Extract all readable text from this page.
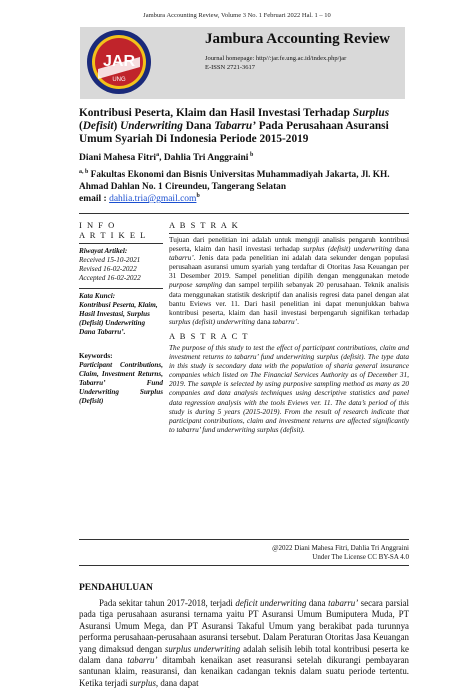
Jambura Accounting Review, Volume 3 No. 1 Februari 2022 Hal. 1 – 10
JAR
UNG
Jambura Accounting Review
Journal homepage: http//:jar.fe.ung.ac.id/index.php/jar
E-ISSN 2721-3617
Kontribusi Peserta, Klaim dan Hasil Investasi Terhadap Surplus (Defisit) Underwriting Dana Tabarru’ Pada Perusahaan Asuransi Umum Syariah Di Indonesia Periode 2015-2019
Diani Mahesa Fitri$^a$, Dahlia Tri Anggraini $^b$
$^{a, b}$ Fakultas Ekonomi dan Bisnis Universitas Muhammadiyah Jakarta, Jl. KH. Ahmad Dahlan No. 1 Cireundeu, Tangerang Selatan
email : dahlia.tria@gmail.com$^b$
I N F O
A R T I K E L
Riwayat Artikel:
Received 15-10-2021
Revised 16-02-2022
Accepted 16-02-2022
Kata Kunci:
Kontribusi Peserta, Klaim, Hasil Investasi, Surplus (Defisit) Underwriting Dana Tabarru’.
Keywords:
Participant Contributions, Claim, Investment Returns, Tabarru’ Fund Underwriting Surplus (Defisit)
A B S T R A K
Tujuan dari penelitian ini adalah untuk menguji analisis pengaruh kontribusi peserta, klaim dan hasil investasi terhadap surplus (defisit) underwriting dana tabarru’. Jenis data pada penelitian ini adalah data sekunder dengan populasi perusahaan asuransi umum syariah yang terdaftar di Otoritas Jasa Keuangan per 31 Desember 2019. Sampel penelitian dipilih dengan menggunakan metode purpose sampling dan sampel terpilih sebanyak 20 perusahaan. Teknik analisis data menggunakan statistik deskriptif dan analisis regresi data panel dengan alat bantu Eviews ver. 11. Dari hasil penelitian ini dapat menunjukkan bahwa kontribusi peserta, klaim dan hasil investasi berpengaruh signifikan terhadap surplus (defisit) underwriting dana tabarru’.
A B S T R A C T
The purpose of this study to test the effect of participant contributions, claim and investment returns to tabarru’ fund underwriting surplus (defisit). The type data in this study is secondary data with the population of sharia general insurance companies which listed on The Financial Services Authority as of December 31, 2019. The sample is selected by using purposive sampling method as many as 20 companies and data analysis techniques using descriptive statistics and panel data regression analysis with the tools Eviews ver. 11. The data’s period of this study is during 5 years (2015-2019). From the result of research indicate that participant contributions, claim and investment returns are affected significantly to tabarru’ fund underwriting surplus (defisit).
@2022 Diani Mahesa Fitri, Dahlia Tri Anggraini
Under The License CC BY-SA 4.0
PENDAHULUAN
Pada sekitar tahun 2017-2018, terjadi deficit underwriting dana tabarru’ secara parsial pada tiga perusahaan asuransi ternama yaitu PT Asuransi Umum Bumiputera Muda, PT Asuransi Umum Mega, dan PT Asuransi Takaful Umum yang berakibat pada turunnya performa perusahaan-perusahaan asuransi tersebut. Dalam Peraturan Otoritas Jasa Keuangan yang dimaksud dengan surplus underwriting adalah selisih lebih total kontribusi peserta ke dalam dana tabarru’ ditambah kenaikan aset reasuransi setelah dikurangi pembayaran santunan klaim, reasuransi, dan kenaikan cadangan teknis dalam suatu periode tertentu. Ketika terjadi surplus, dana dapat
